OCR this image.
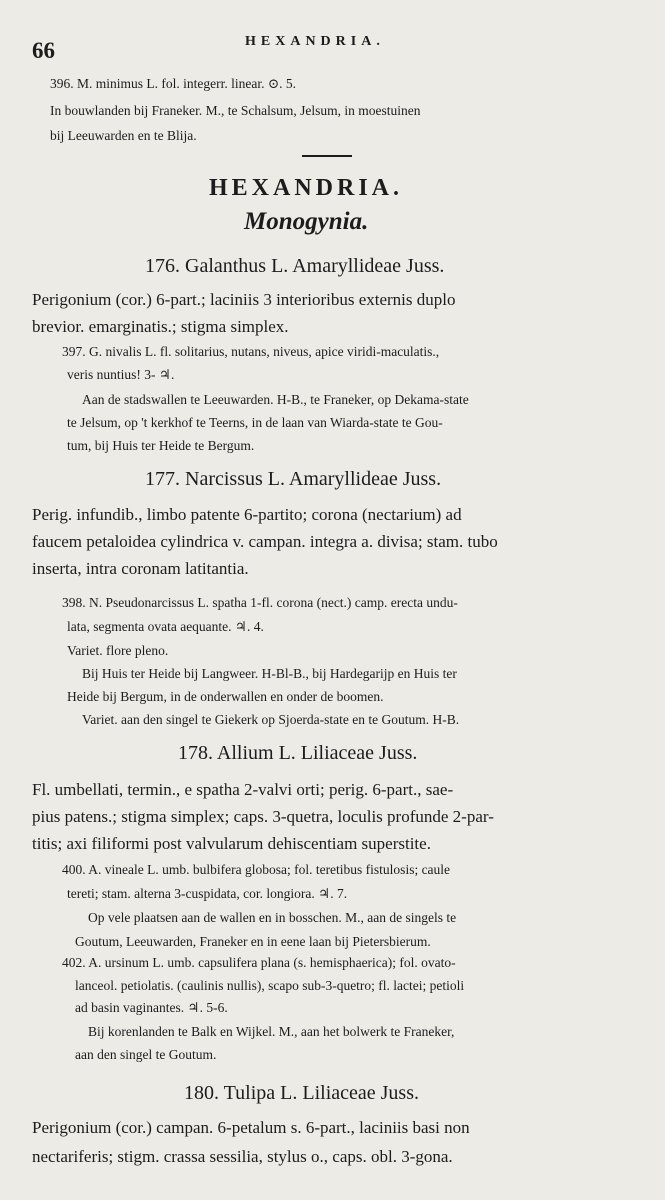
66	HEXANDRIA.
396. M. minimus L. fol. integerr. linear. ⊙. 5.
In bouwlanden bij Franeker. M., te Schalsum, Jelsum, in moestuinen
bij Leeuwarden en te Blija.
HEXANDRIA.
Monogynia.
176. Galanthus L. Amaryllideae Juss.
Perigonium (cor.) 6-part.; laciniis 3 interioribus externis duplo
brevior. emarginatis.; stigma simplex.
397. G. nivalis L. fl. solitarius, nutans, niveus, apice viridi-maculatis.,
veris nuntius! 3- ♃.
Aan de stadswallen te Leeuwarden. H-B., te Franeker, op Dekama-state
te Jelsum, op 't kerkhof te Teerns, in de laan van Wiarda-state te Gou-
tum, bij Huis ter Heide te Bergum.
177. Narcissus L. Amaryllideae Juss.
Perig. infundib., limbo patente 6-partito; corona (nectarium) ad
faucem petaloidea cylindrica v. campan. integra a. divisa; stam. tubo
inserta, intra coronam latitantia.
398. N. Pseudonarcissus L. spatha 1-fl. corona (nect.) camp. erecta undu-
lata, segmenta ovata aequante. ♃. 4.
Variet. flore pleno.
Bij Huis ter Heide bij Langweer. H-Bl-B., bij Hardegarijp en Huis ter
Heide bij Bergum, in de onderwallen en onder de boomen.
Variet. aan den singel te Giekerk op Sjoerda-state en te Goutum. H-B.
178. Allium L. Liliaceae Juss.
Fl. umbellati, termin., e spatha 2-valvi orti; perig. 6-part., sae-
pius patens.; stigma simplex; caps. 3-quetra, loculis profunde 2-par-
titis; axi filiformi post valvularum dehiscentiam superstite.
400. A. vineale L. umb. bulbifera globosa; fol. teretibus fistulosis; caule
tereti; stam. alterna 3-cuspidata, cor. longiora. ♃. 7.
Op vele plaatsen aan de wallen en in bosschen. M., aan de singels te
Goutum, Leeuwarden, Franeker en in eene laan bij Pietersbierum.
402. A. ursinum L. umb. capsulifera plana (s. hemisphaerica); fol. ovato-
lanceol. petiolatis. (caulinis nullis), scapo sub-3-quetro; fl. lactei; petioli
ad basin vaginantes. ♃. 5-6.
Bij korenlanden te Balk en Wijkel. M., aan het bolwerk te Franeker,
aan den singel te Goutum.
180. Tulipa L. Liliaceae Juss.
Perigonium (cor.) campan. 6-petalum s. 6-part., laciniis basi non
nectariferis; stigm. crassa sessilia, stylus o., caps. obl. 3-gona.
